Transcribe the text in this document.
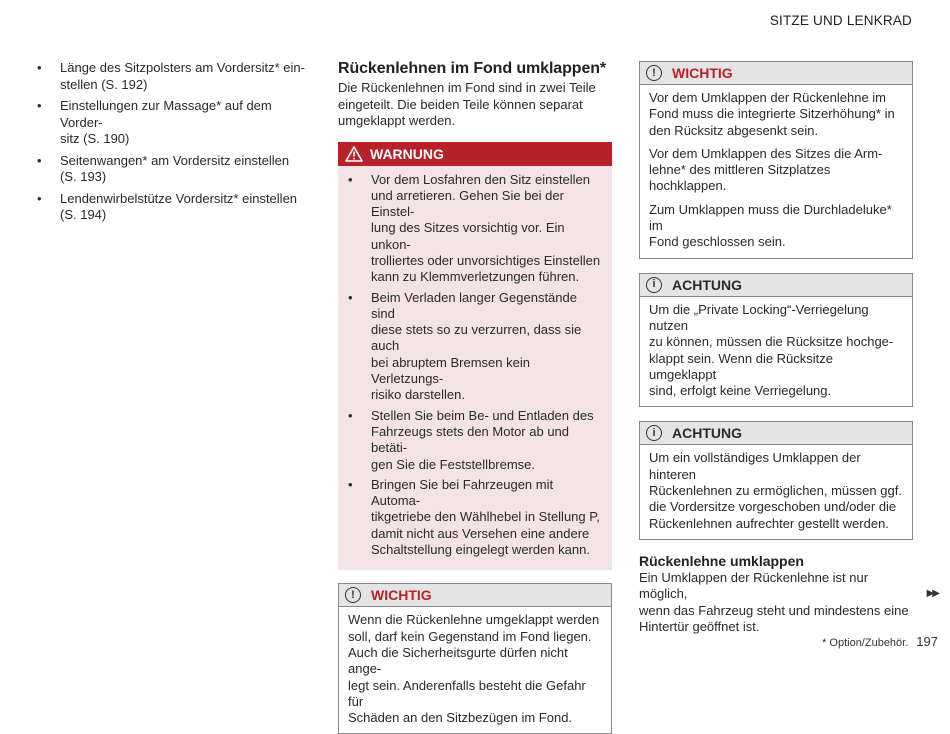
SITZE UND LENKRAD
• Länge des Sitzpolsters am Vordersitz* ein-
stellen (S. 192)
• Einstellungen zur Massage* auf dem Vorder-
sitz (S. 190)
• Seitenwangen* am Vordersitz einstellen
(S. 193)
• Lendenwirbelstütze Vordersitz* einstellen
(S. 194)
Rückenlehnen im Fond umklappen*

Die Rückenlehnen im Fond sind in zwei Teile eingeteilt. Die beiden Teile können separat umgeklappt werden.

WARNUNG
• Vor dem Losfahren den Sitz einstellen
und arretieren. Gehen Sie bei der Einstel-
lung des Sitzes vorsichtig vor. Ein unkon-
trolliertes oder unvorsichtiges Einstellen
kann zu Klemmverletzungen führen.
• Beim Verladen langer Gegenstände sind
diese stets so zu verzurren, dass sie auch
bei abruptem Bremsen kein Verletzungs-
risiko darstellen.
• Stellen Sie beim Be- und Entladen des
Fahrzeugs stets den Motor ab und betäti-
gen Sie die Feststellbremse.
• Bringen Sie bei Fahrzeugen mit Automa-
tikgetriebe den Wählhebel in Stellung P,
damit nicht aus Versehen eine andere
Schaltstellung eingelegt werden kann.
!	WICHTIG

Wenn die Rückenlehne umgeklappt werden
soll, darf kein Gegenstand im Fond liegen.
Auch die Sicherheitsgurte dürfen nicht ange-
legt sein. Anderenfalls besteht die Gefahr für
Schäden an den Sitzbezügen im Fond.

!	WICHTIG

Vor dem Umklappen der Rückenlehne im
Fond muss die integrierte Sitzerhöhung* in
den Rücksitz abgesenkt sein.

Vor dem Umklappen des Sitzes die Arm-
lehne* des mittleren Sitzplatzes hochklappen.

Zum Umklappen muss die Durchladeluke* im
Fond geschlossen sein.

i	ACHTUNG

Um die „Private Locking“-Verriegelung nutzen
zu können, müssen die Rücksitze hochge-
klappt sein. Wenn die Rücksitze umgeklappt
sind, erfolgt keine Verriegelung.

i	ACHTUNG

Um ein vollständiges Umklappen der hinteren
Rückenlehnen zu ermöglichen, müssen ggf.
die Vordersitze vorgeschoben und/oder die
Rückenlehnen aufrechter gestellt werden.

Rückenlehne umklappen

Ein Umklappen der Rückenlehne ist nur möglich,
wenn das Fahrzeug steht und mindestens eine
Hintertür geöffnet ist.

▶▶
* Option/Zubehör. 197
